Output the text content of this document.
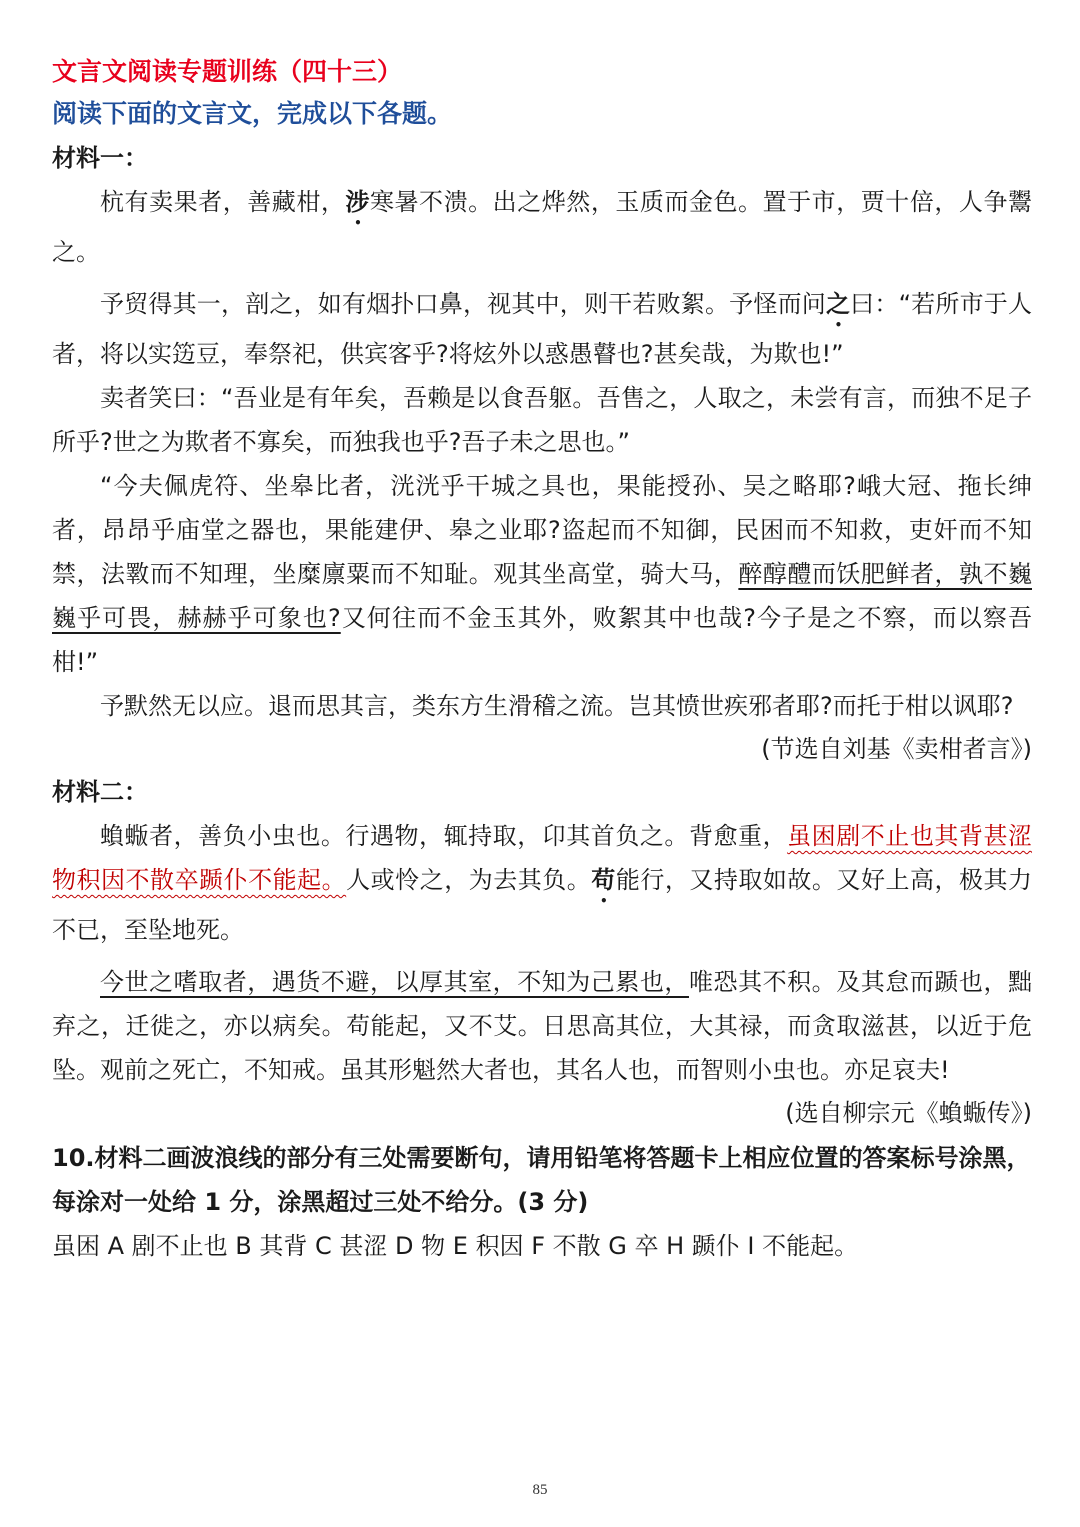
文言文阅读专题训练（四十三）
阅读下面的文言文，完成以下各题。
材料一：

杭有卖果者，善藏柑，涉寒暑不溃。出之烨然，玉质而金色。置于市，贾十倍，人争鬻之。

予贸得其一，剖之，如有烟扑口鼻，视其中，则干若败絮。予怪而问之曰：“若所市于人者，将以实笾豆，奉祭祀，供宾客乎?将炫外以惑愚瞽也?甚矣哉，为欺也!”

卖者笑曰：“吾业是有年矣，吾赖是以食吾躯。吾售之，人取之，未尝有言，而独不足子所乎?世之为欺者不寡矣，而独我也乎?吾子未之思也。”

“今夫佩虎符、坐皋比者，洸洸乎干城之具也，果能授孙、吴之略耶?峨大冠、拖长绅者，昂昂乎庙堂之器也，果能建伊、皋之业耶?盗起而不知御，民困而不知救，吏奸而不知禁，法斁而不知理，坐糜廪粟而不知耻。观其坐高堂，骑大马，醉醇醴而饫肥鲜者，孰不巍巍乎可畏，赫赫乎可象也?又何往而不金玉其外，败絮其中也哉?今子是之不察，而以察吾柑!”

予默然无以应。退而思其言，类东方生滑稽之流。岂其愤世疾邪者耶?而托于柑以讽耶?

(节选自刘基《卖柑者言》)
材料二：

蝜蝂者，善负小虫也。行遇物，辄持取，卬其首负之。背愈重，虽困剧不止也其背甚涩物积因不散卒踬仆不能起。人或怜之，为去其负。苟能行，又持取如故。又好上高，极其力不已，至坠地死。

今世之嗜取者，遇货不避，以厚其室，不知为己累也，唯恐其不积。及其怠而踬也，黜弃之，迁徙之，亦以病矣。苟能起，又不艾。日思高其位，大其禄，而贪取滋甚，以近于危坠。观前之死亡，不知戒。虽其形魁然大者也，其名人也，而智则小虫也。亦足哀夫!

(选自柳宗元《蝜蝂传》)

10.材料二画波浪线的部分有三处需要断句，请用铅笔将答题卡上相应位置的答案标号涂黑，每涂对一处给 1 分，涂黑超过三处不给分。(3 分)

虽困 A 剧不止也 B 其背 C 甚涩 D 物 E 积因 F 不散 G 卒 H 踬仆 I 不能起。
85
